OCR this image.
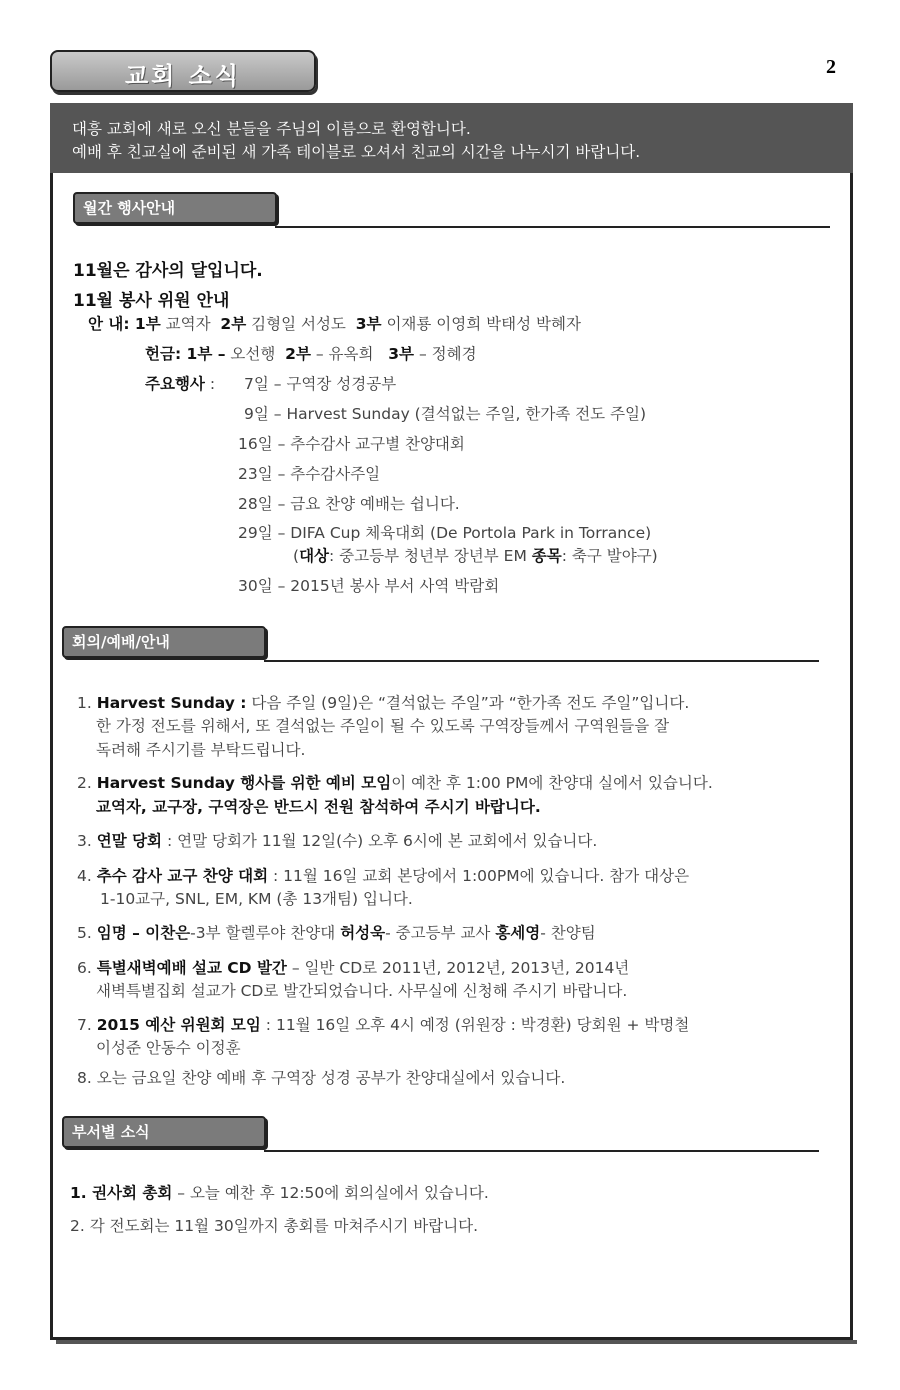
교회 소식	2
대흥 교회에 새로 오신 분들을 주님의 이름으로 환영합니다.
예배 후 친교실에 준비된 새 가족 테이블로 오셔서 친교의 시간을 나누시기 바랍니다.
월간 행사안내
11월은 감사의 달입니다.
11월 봉사 위원 안내
안 내: 1부 교역자 2부 김형일 서성도 3부 이재룡 이영희 박태성 박혜자
헌금: 1부 – 오선행 2부 – 유옥희 3부 – 정혜경
주요행사 : 7일 – 구역장 성경공부
9일 – Harvest Sunday (결석없는 주일, 한가족 전도 주일)
16일 – 추수감사 교구별 찬양대회
23일 – 추수감사주일
28일 – 금요 찬양 예배는 쉽니다.
29일 – DIFA Cup 체육대회 (De Portola Park in Torrance)
(대상: 중고등부 청년부 장년부 EM 종목: 축구 발야구)
30일 – 2015년 봉사 부서 사역 박람회
회의/예배/안내
1. Harvest Sunday : 다음 주일 (9일)은 “결석없는 주일”과 “한가족 전도 주일”입니다.
한 가정 전도를 위해서, 또 결석없는 주일이 될 수 있도록 구역장들께서 구역원들을 잘
독려해 주시기를 부탁드립니다.
2. Harvest Sunday 행사를 위한 예비 모임이 예찬 후 1:00 PM에 찬양대 실에서 있습니다.
교역자, 교구장, 구역장은 반드시 전원 참석하여 주시기 바랍니다.
3. 연말 당회 : 연말 당회가 11월 12일(수) 오후 6시에 본 교회에서 있습니다.
4. 추수 감사 교구 찬양 대회 : 11월 16일 교회 본당에서 1:00PM에 있습니다. 참가 대상은
1-10교구, SNL, EM, KM (총 13개팀) 입니다.
5. 임명 – 이찬은-3부 할렐루야 찬양대 허성욱- 중고등부 교사 홍세영- 찬양팀
6. 특별새벽예배 설교 CD 발간 – 일반 CD로 2011년, 2012년, 2013년, 2014년
새벽특별집회 설교가 CD로 발간되었습니다. 사무실에 신청해 주시기 바랍니다.
7. 2015 예산 위원회 모임 : 11월 16일 오후 4시 예정 (위원장 : 박경환) 당회원 + 박명철
이성준 안동수 이정훈
8. 오는 금요일 찬양 예배 후 구역장 성경 공부가 찬양대실에서 있습니다.
부서별 소식
1. 권사회 총회 – 오늘 예찬 후 12:50에 회의실에서 있습니다.
2. 각 전도회는 11월 30일까지 총회를 마쳐주시기 바랍니다.
